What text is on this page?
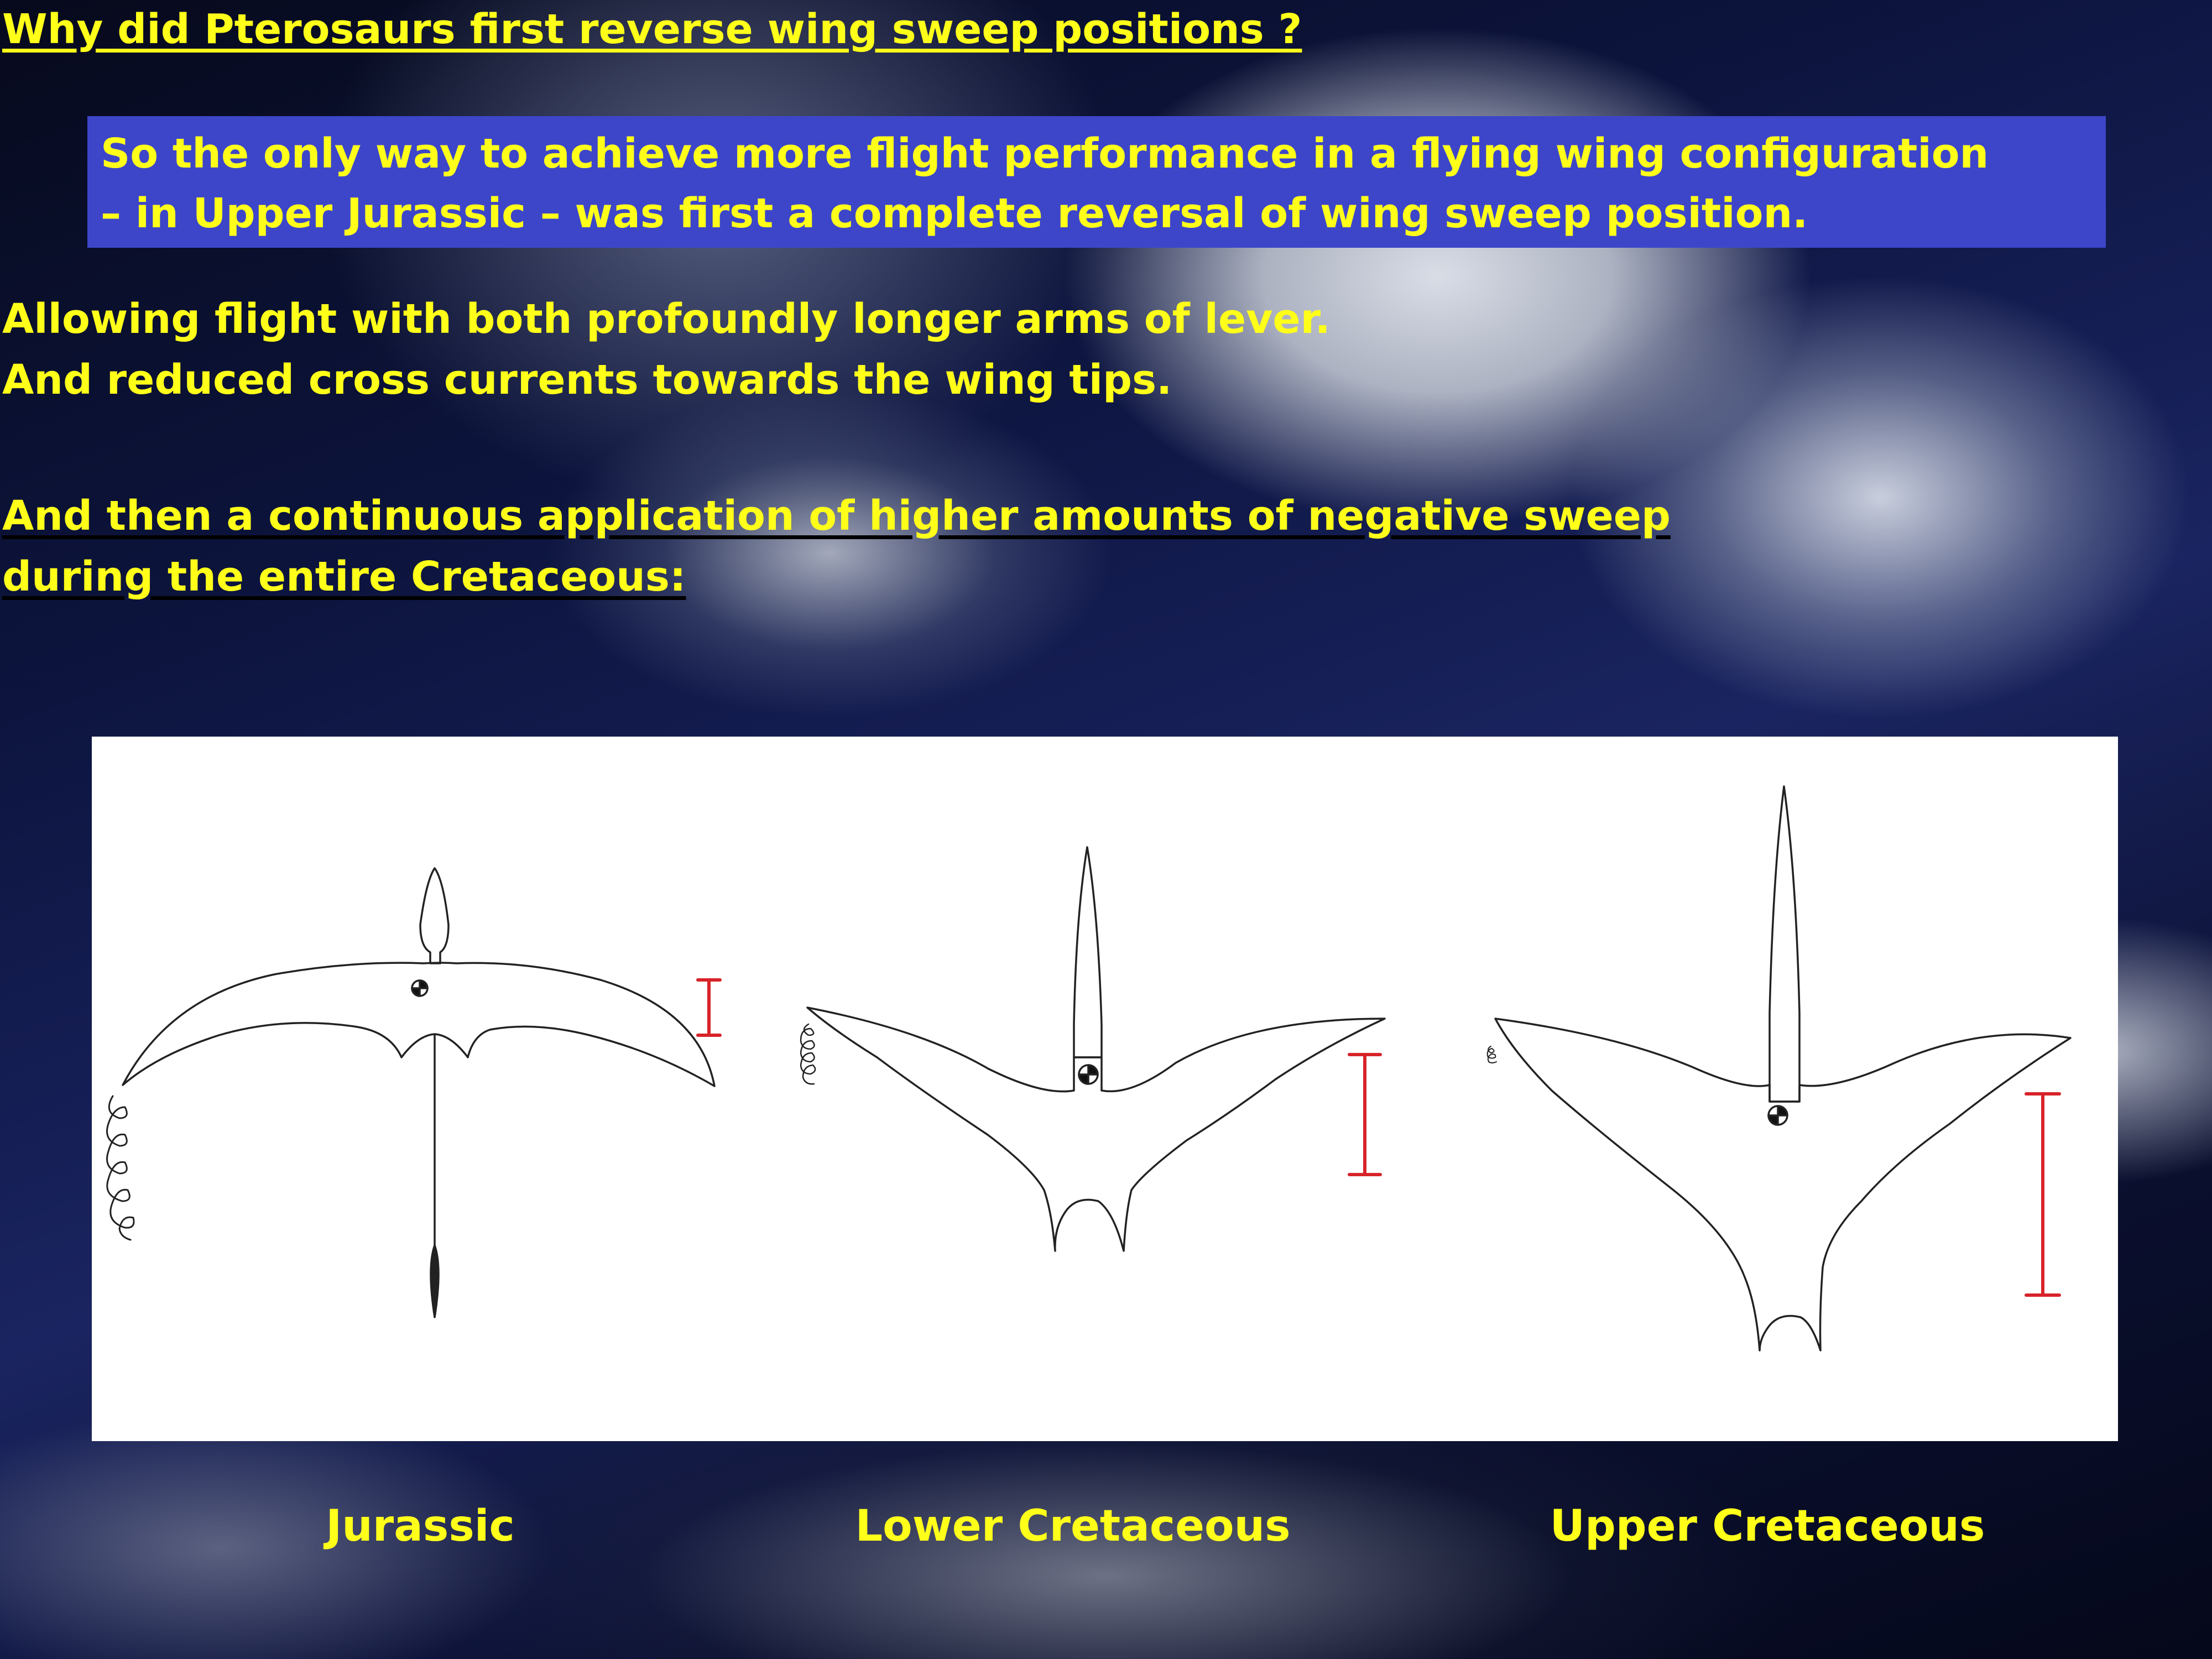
Why did Pterosaurs first reverse wing sweep positions ?
So the only way to achieve more flight performance in a flying wing configuration
– in Upper Jurassic – was first a complete reversal of wing sweep position.
Allowing flight with both profoundly longer arms of lever.
And reduced cross currents towards the wing tips.
And then a continuous application of higher amounts of negative sweep
during the entire Cretaceous:
Jurassic	Lower Cretaceous	Upper Cretaceous
